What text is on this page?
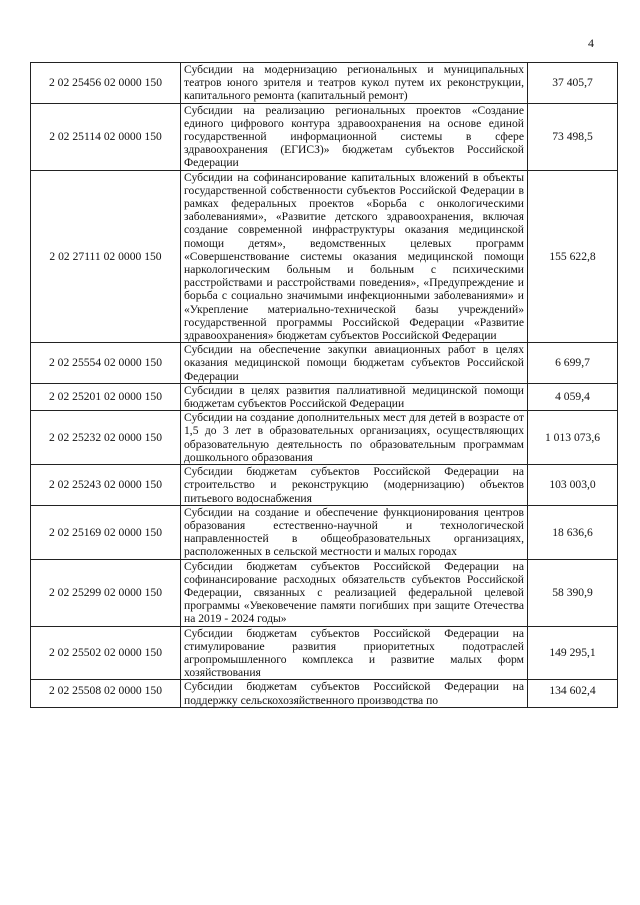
4
2 02 25456 02 0000 150	Субсидии на модернизацию региональных и муниципальных театров юного зрителя и театров кукол путем их реконструкции, капитального ремонта (капитальный ремонт)	37 405,7
2 02 25114 02 0000 150	Субсидии на реализацию региональных проектов «Создание единого цифрового контура здравоохранения на основе единой государственной информационной системы в сфере здравоохранения (ЕГИСЗ)» бюджетам субъектов Российской Федерации	73 498,5
2 02 27111 02 0000 150	Субсидии на софинансирование капитальных вложений в объекты государственной собственности субъектов Российской Федерации в рамках федеральных проектов «Борьба с онкологическими заболеваниями», «Развитие детского здравоохранения, включая создание современной инфраструктуры оказания медицинской помощи детям», ведомственных целевых программ «Совершенствование системы оказания медицинской помощи наркологическим больным и больным с психическими расстройствами и расстройствами поведения», «Предупреждение и борьба с социально значимыми инфекционными заболеваниями» и «Укрепление материально-технической базы учреждений» государственной программы Российской Федерации «Развитие здравоохранения» бюджетам субъектов Российской Федерации	155 622,8
2 02 25554 02 0000 150	Субсидии на обеспечение закупки авиационных работ в целях оказания медицинской помощи бюджетам субъектов Российской Федерации	6 699,7
2 02 25201 02 0000 150	Субсидии в целях развития паллиативной медицинской помощи бюджетам субъектов Российской Федерации	4 059,4
2 02 25232 02 0000 150	Субсидии на создание дополнительных мест для детей в возрасте от 1,5 до 3 лет в образовательных организациях, осуществляющих образовательную деятельность по образовательным программам дошкольного образования	1 013 073,6
2 02 25243 02 0000 150	Субсидии бюджетам субъектов Российской Федерации на строительство и реконструкцию (модернизацию) объектов питьевого водоснабжения	103 003,0
2 02 25169 02 0000 150	Субсидии на создание и обеспечение функционирования центров образования естественно-научной и технологической направленностей в общеобразовательных организациях, расположенных в сельской местности и малых городах	18 636,6
2 02 25299 02 0000 150	Субсидии бюджетам субъектов Российской Федерации на софинансирование расходных обязательств субъектов Российской Федерации, связанных с реализацией федеральной целевой программы «Увековечение памяти погибших при защите Отечества на 2019 - 2024 годы»	58 390,9
2 02 25502 02 0000 150	Субсидии бюджетам субъектов Российской Федерации на стимулирование развития приоритетных подотраслей агропромышленного комплекса и развитие малых форм хозяйствования	149 295,1
2 02 25508 02 0000 150	Субсидии бюджетам субъектов Российской Федерации на поддержку сельскохозяйственного производства по	134 602,4
